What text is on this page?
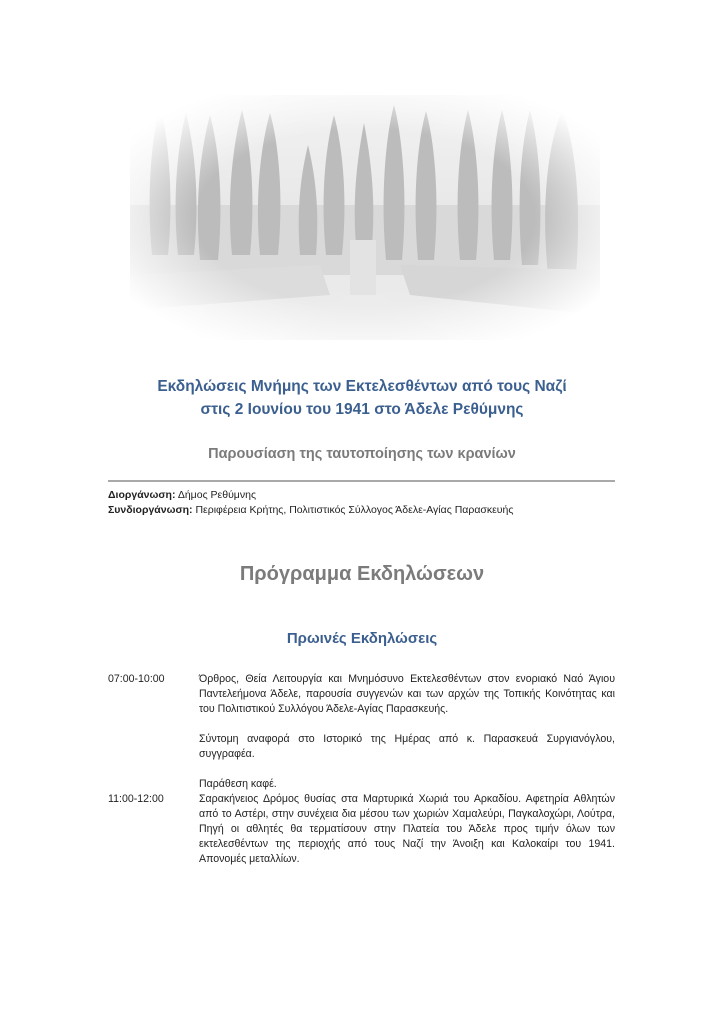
Εκδηλώσεις Μνήμης των Εκτελεσθέντων από τους Ναζί
στις 2 Ιουνίου του 1941 στο Άδελε Ρεθύμνης
Παρουσίαση της ταυτοποίησης των κρανίων
Διοργάνωση: Δήμος Ρεθύμνης
Συνδιοργάνωση: Περιφέρεια Κρήτης, Πολιτιστικός Σύλλογος Άδελε-Αγίας Παρασκευής
Πρόγραμμα Εκδηλώσεων
Πρωινές Εκδηλώσεις
07:00-10:00	Όρθρος, Θεία Λειτουργία και Μνημόσυνο Εκτελεσθέντων στον ενοριακό Ναό Άγιου Παντελεήμονα Άδελε, παρουσία συγγενών και των αρχών της Τοπικής Κοινότητας και του Πολιτιστικού Συλλόγου Άδελε-Αγίας Παρασκευής.
Σύντομη αναφορά στο Ιστορικό της Ημέρας από κ. Παρασκευά Συργιανόγλου, συγγραφέα.
Παράθεση καφέ.
11:00-12:00	Σαρακήνειος Δρόμος θυσίας στα Μαρτυρικά Χωριά του Αρκαδίου. Αφετηρία Αθλητών από το Αστέρι, στην συνέχεια δια μέσου των χωριών Χαμαλεύρι, Παγκαλοχώρι, Λούτρα, Πηγή οι αθλητές θα τερματίσουν στην Πλατεία του Άδελε προς τιμήν όλων των εκτελεσθέντων της περιοχής από τους Ναζί την Άνοιξη και Καλοκαίρι του 1941. Απονομές μεταλλίων.
